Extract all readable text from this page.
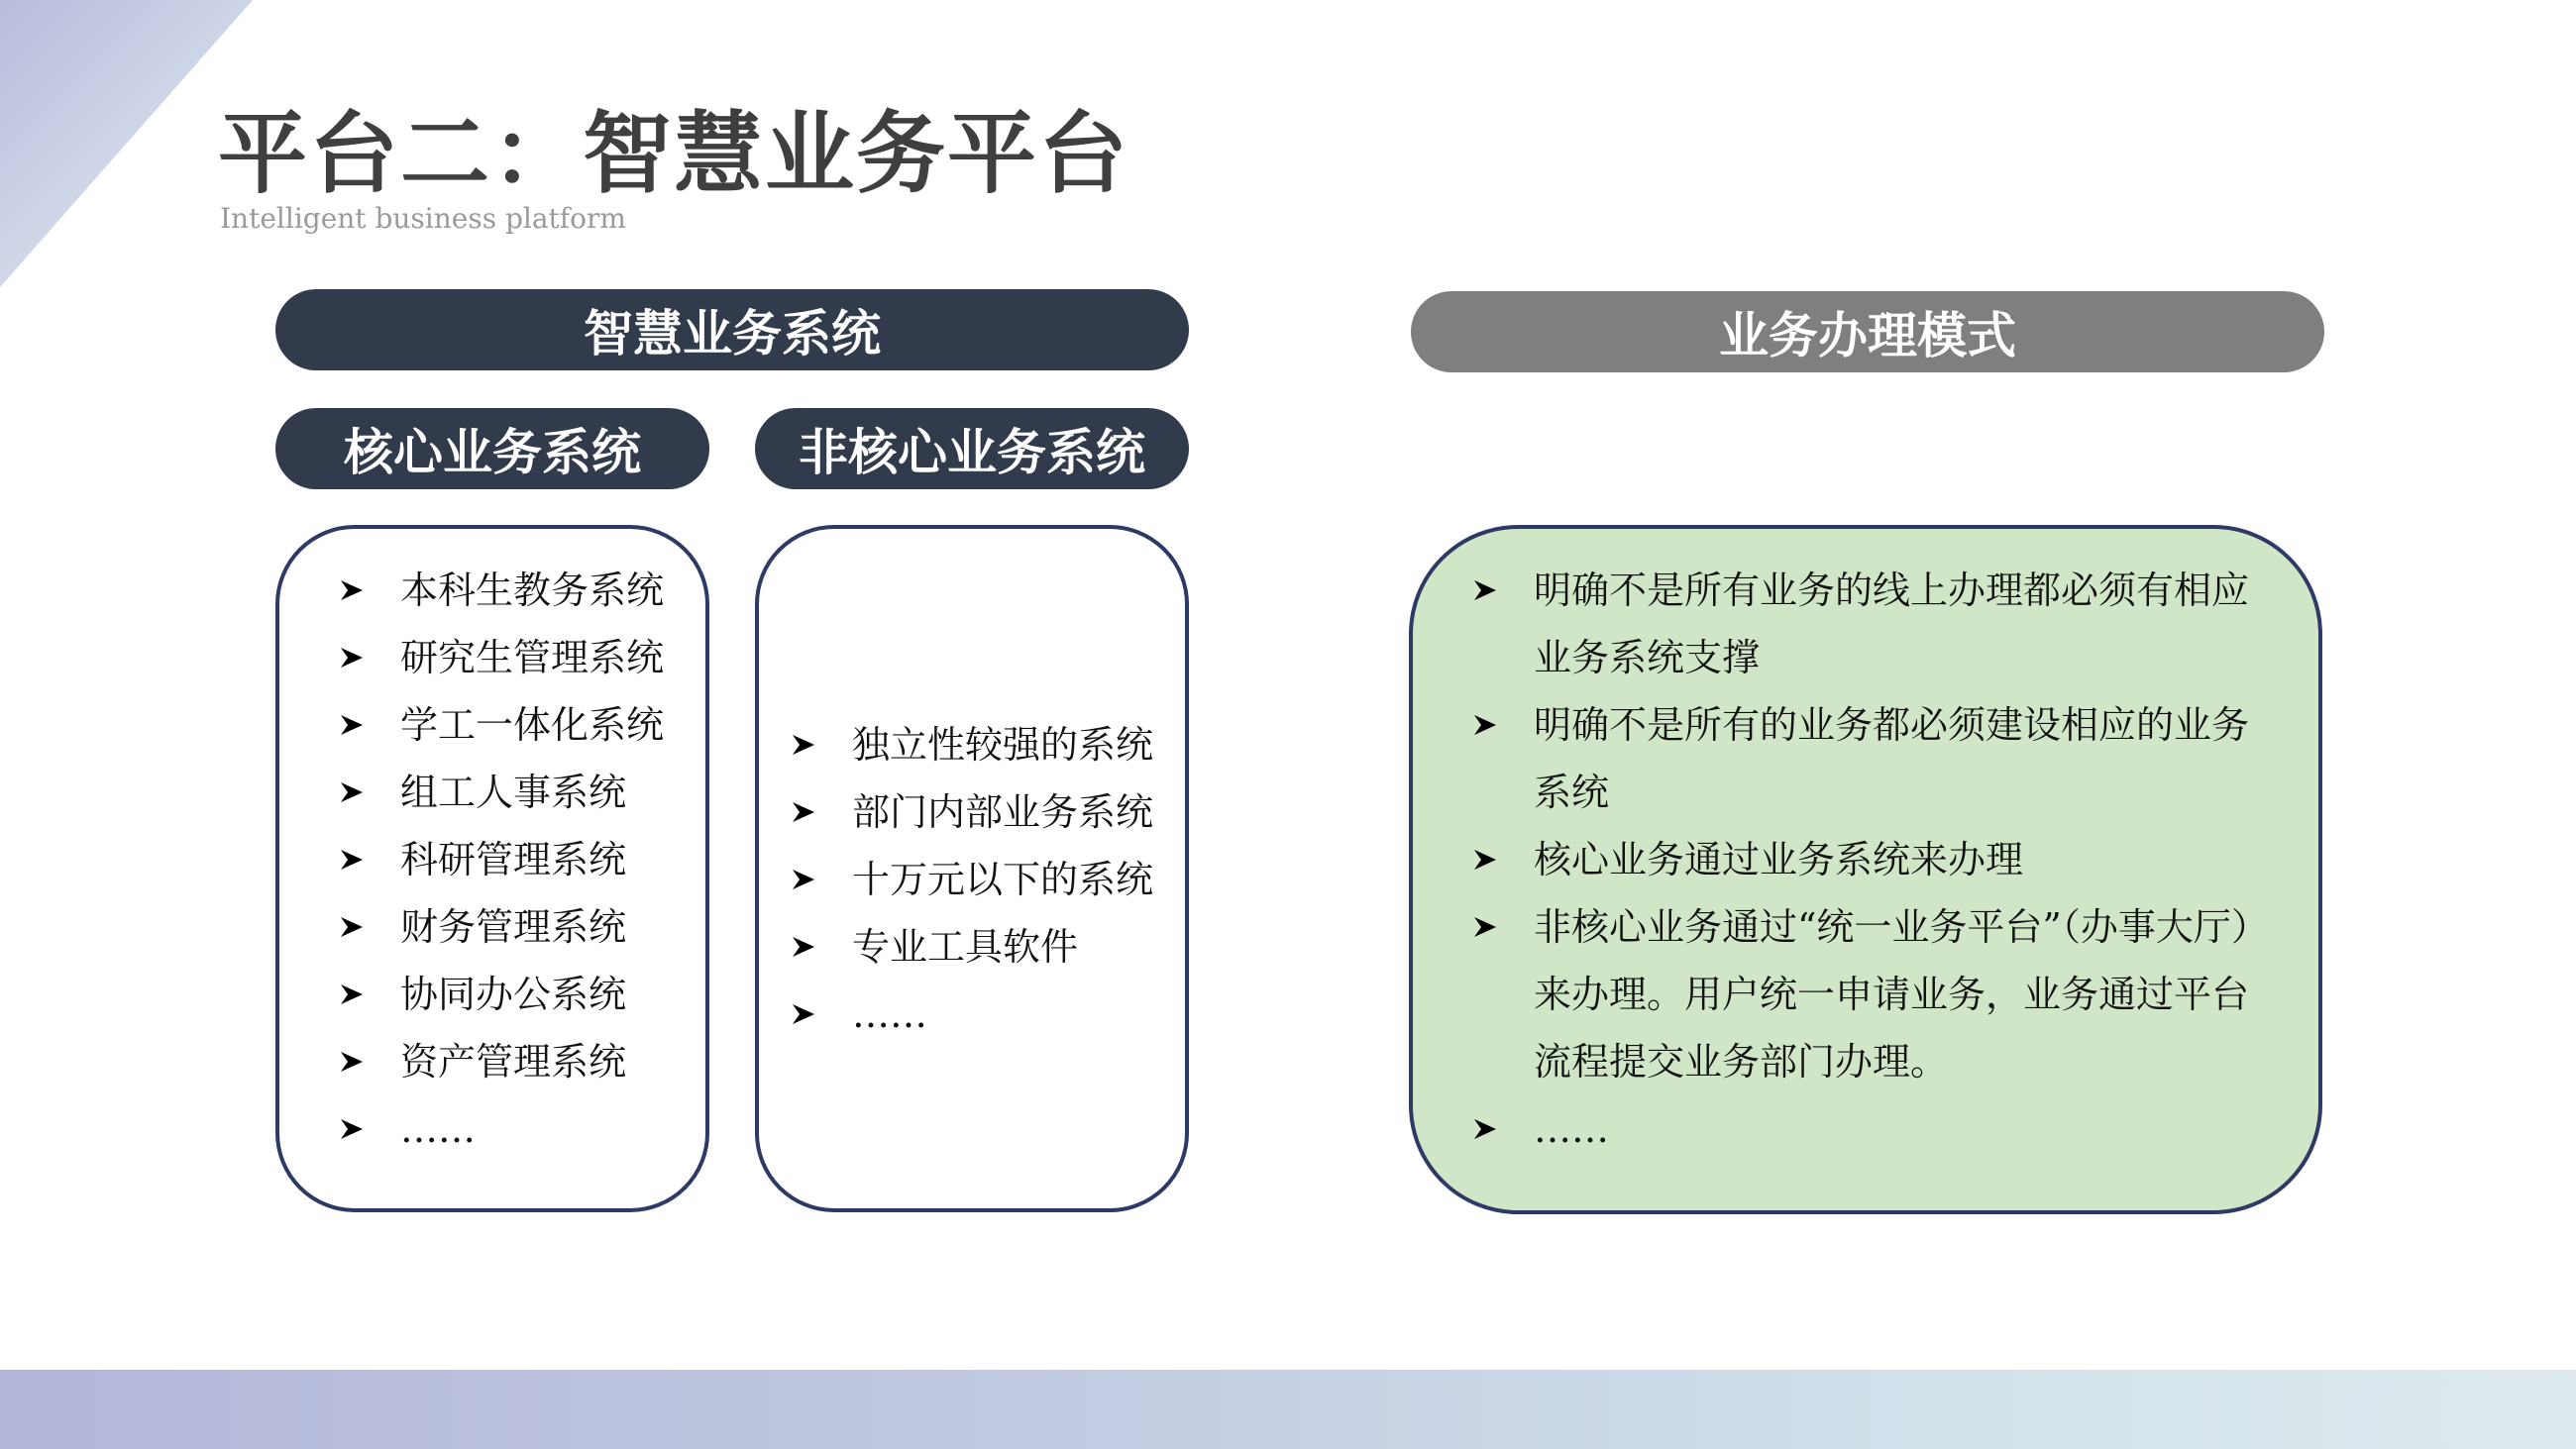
平台二：智慧业务平台
Intelligent business platform
智慧业务系统
核心业务系统	非核心业务系统
本科生教务系统
研究生管理系统
学工一体化系统
组工人事系统
科研管理系统
财务管理系统
协同办公系统
资产管理系统
……
独立性较强的系统
部门内部业务系统
十万元以下的系统
专业工具软件
……
业务办理模式
明确不是所有业务的线上办理都必须有相应业务系统支撑
明确不是所有的业务都必须建设相应的业务系统
核心业务通过业务系统来办理
非核心业务通过“统一业务平台”（办事大厅）来办理。用户统一申请业务，业务通过平台流程提交业务部门办理。
……
